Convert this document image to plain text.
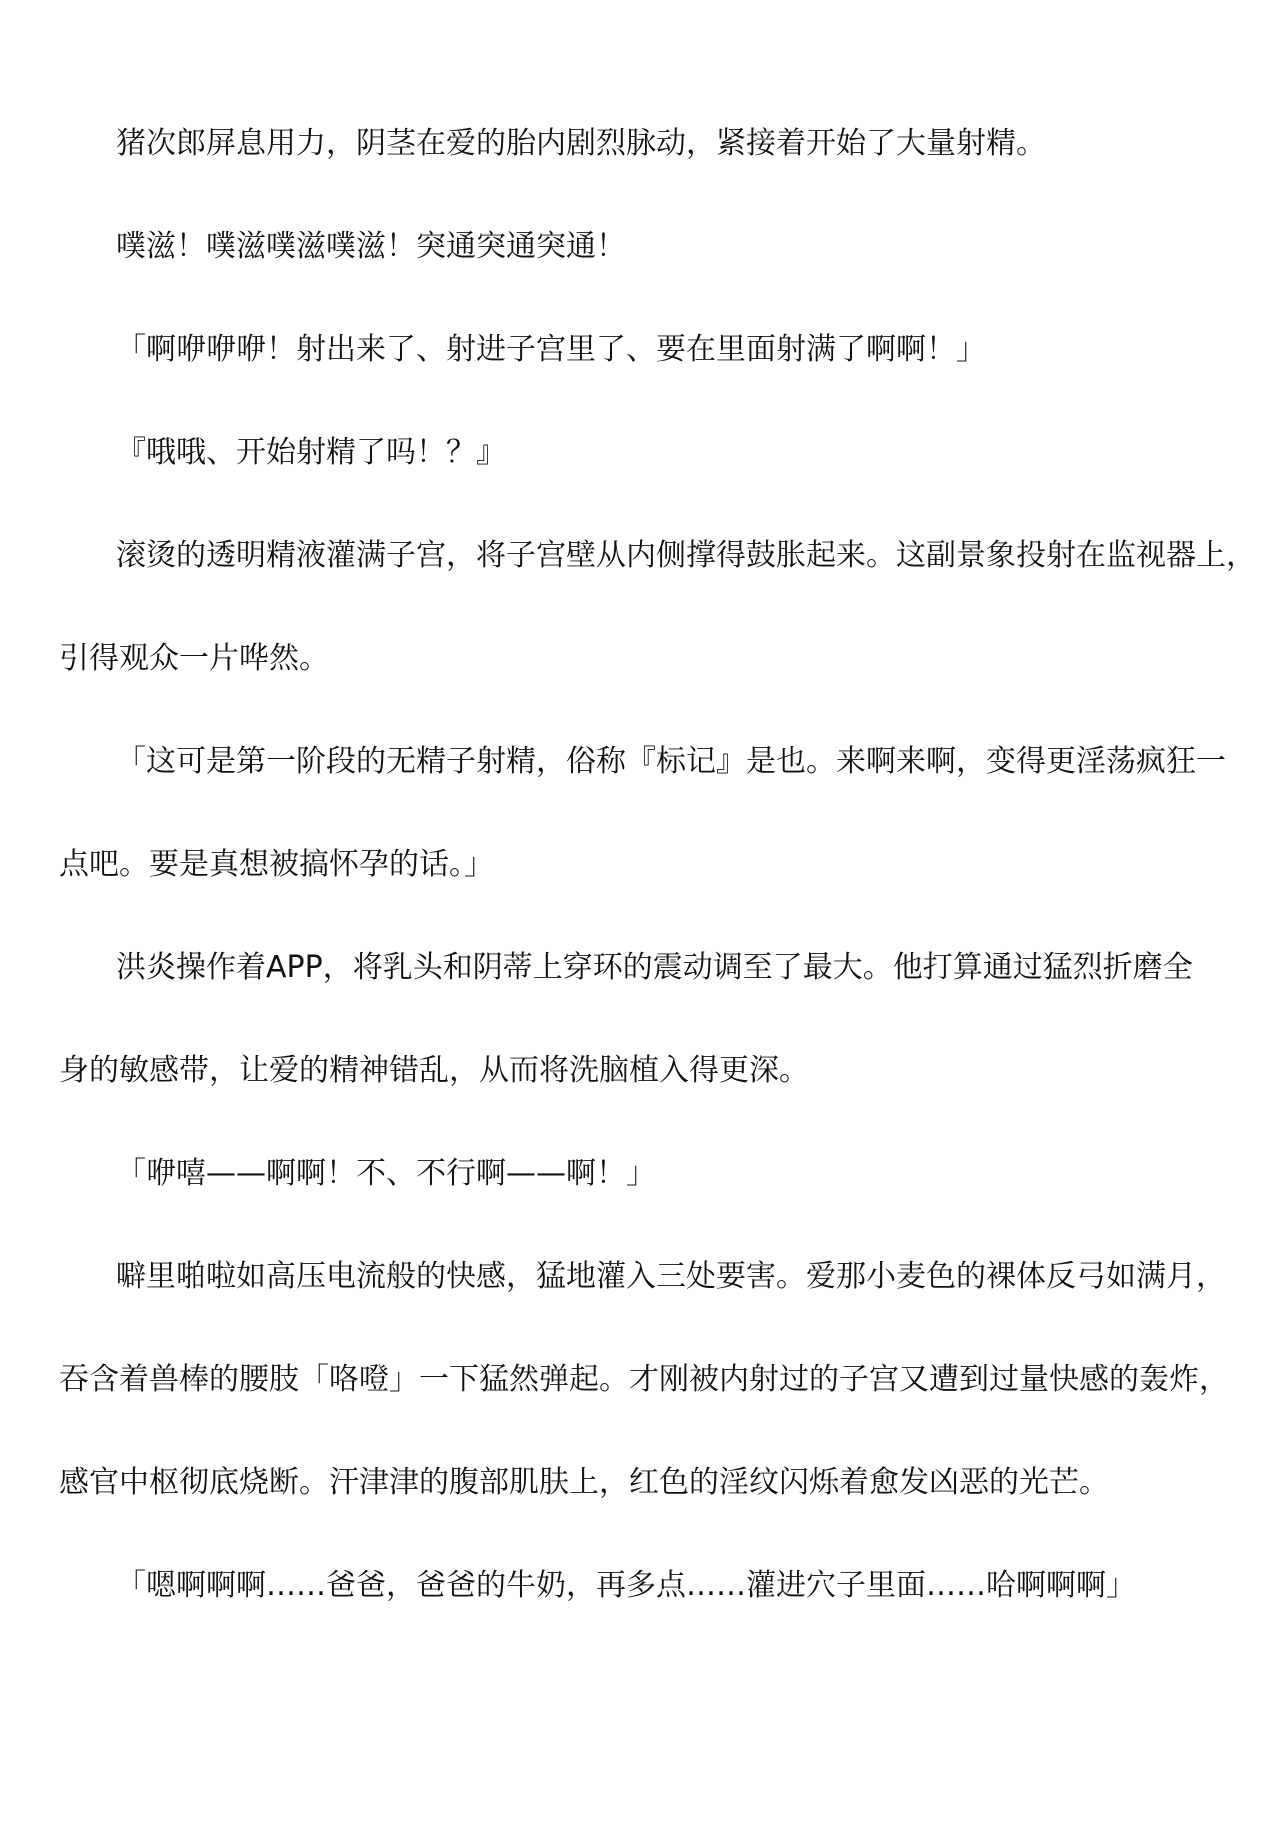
猪次郎屏息用力，阴茎在爱的胎内剧烈脉动，紧接着开始了大量射精。
噗滋！噗滋噗滋噗滋！突通突通突通！
「啊咿咿咿！射出来了、射进子宫里了、要在里面射满了啊啊！」
『哦哦、开始射精了吗！？』
滚烫的透明精液灌满子宫，将子宫壁从内侧撑得鼓胀起来。这副景象投射在监视器上，
引得观众一片哗然。
「这可是第一阶段的无精子射精，俗称『标记』是也。来啊来啊，变得更淫荡疯狂一
点吧。要是真想被搞怀孕的话。」
洪炎操作着APP，将乳头和阴蒂上穿环的震动调至了最大。他打算通过猛烈折磨全
身的敏感带，让爱的精神错乱，从而将洗脑植入得更深。
「咿嘻——啊啊！不、不行啊——啊！」
噼里啪啦如高压电流般的快感，猛地灌入三处要害。爱那小麦色的裸体反弓如满月，
吞含着兽棒的腰肢「咯噔」一下猛然弹起。才刚被内射过的子宫又遭到过量快感的轰炸，
感官中枢彻底烧断。汗津津的腹部肌肤上，红色的淫纹闪烁着愈发凶恶的光芒。
「嗯啊啊啊……爸爸，爸爸的牛奶，再多点……灌进穴子里面……哈啊啊啊」
